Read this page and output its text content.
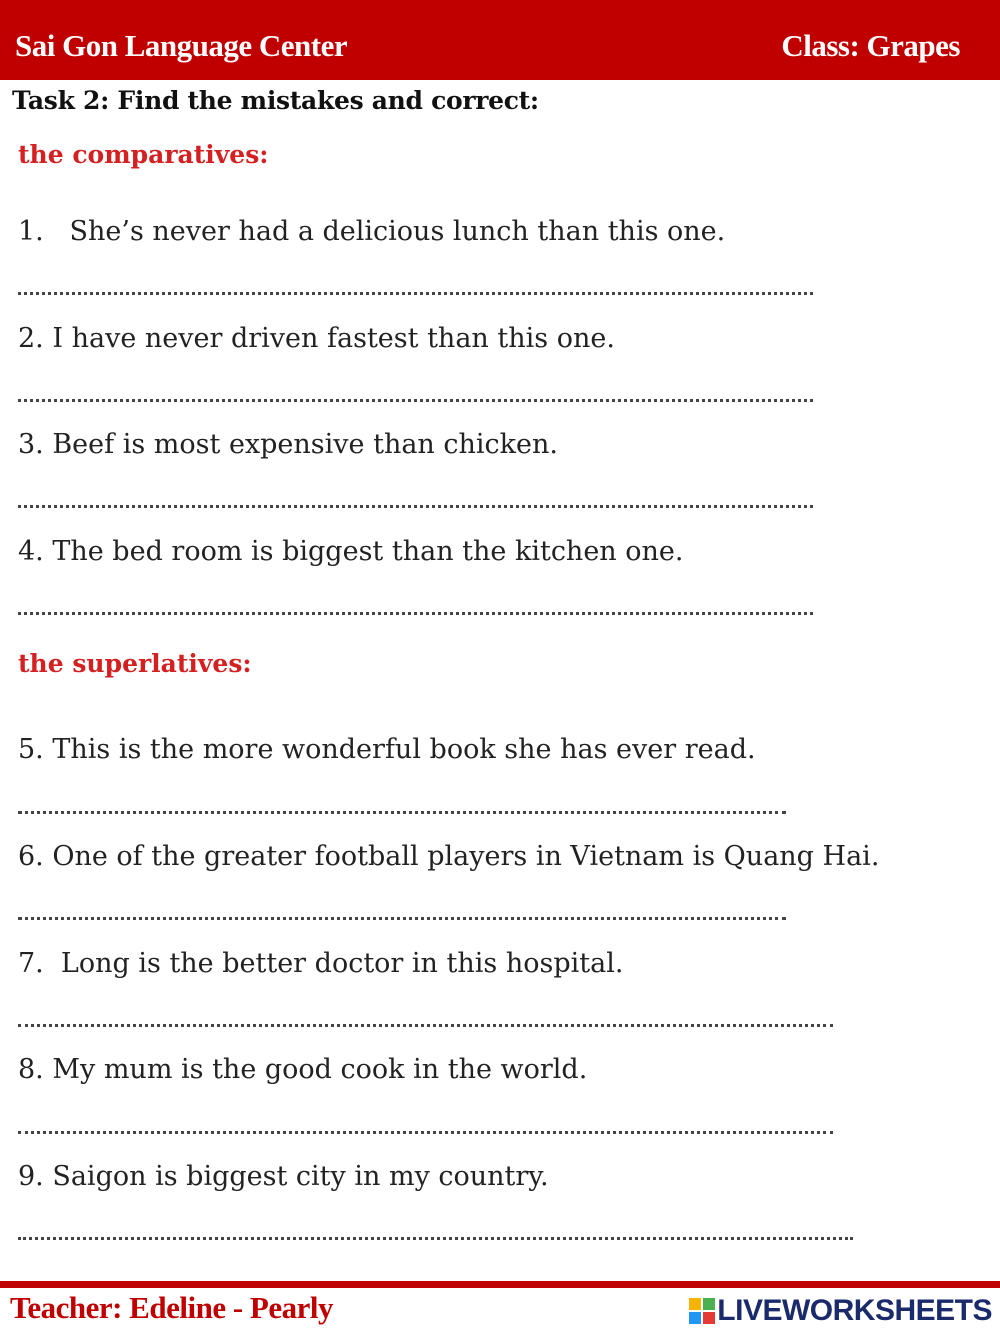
Sai Gon Language Center	Class: Grapes
Task 2: Find the mistakes and correct:
the comparatives:
1.   She’s never had a delicious lunch than this one.
2. I have never driven fastest than this one.
3. Beef is most expensive than chicken.
4. The bed room is biggest than the kitchen one.
the superlatives:
5. This is the more wonderful book she has ever read.
6. One of the greater football players in Vietnam is Quang Hai.
7.  Long is the better doctor in this hospital.
8. My mum is the good cook in the world.
9. Saigon is biggest city in my country.
Teacher: Edeline - Pearly	LIVEWORKSHEETS
